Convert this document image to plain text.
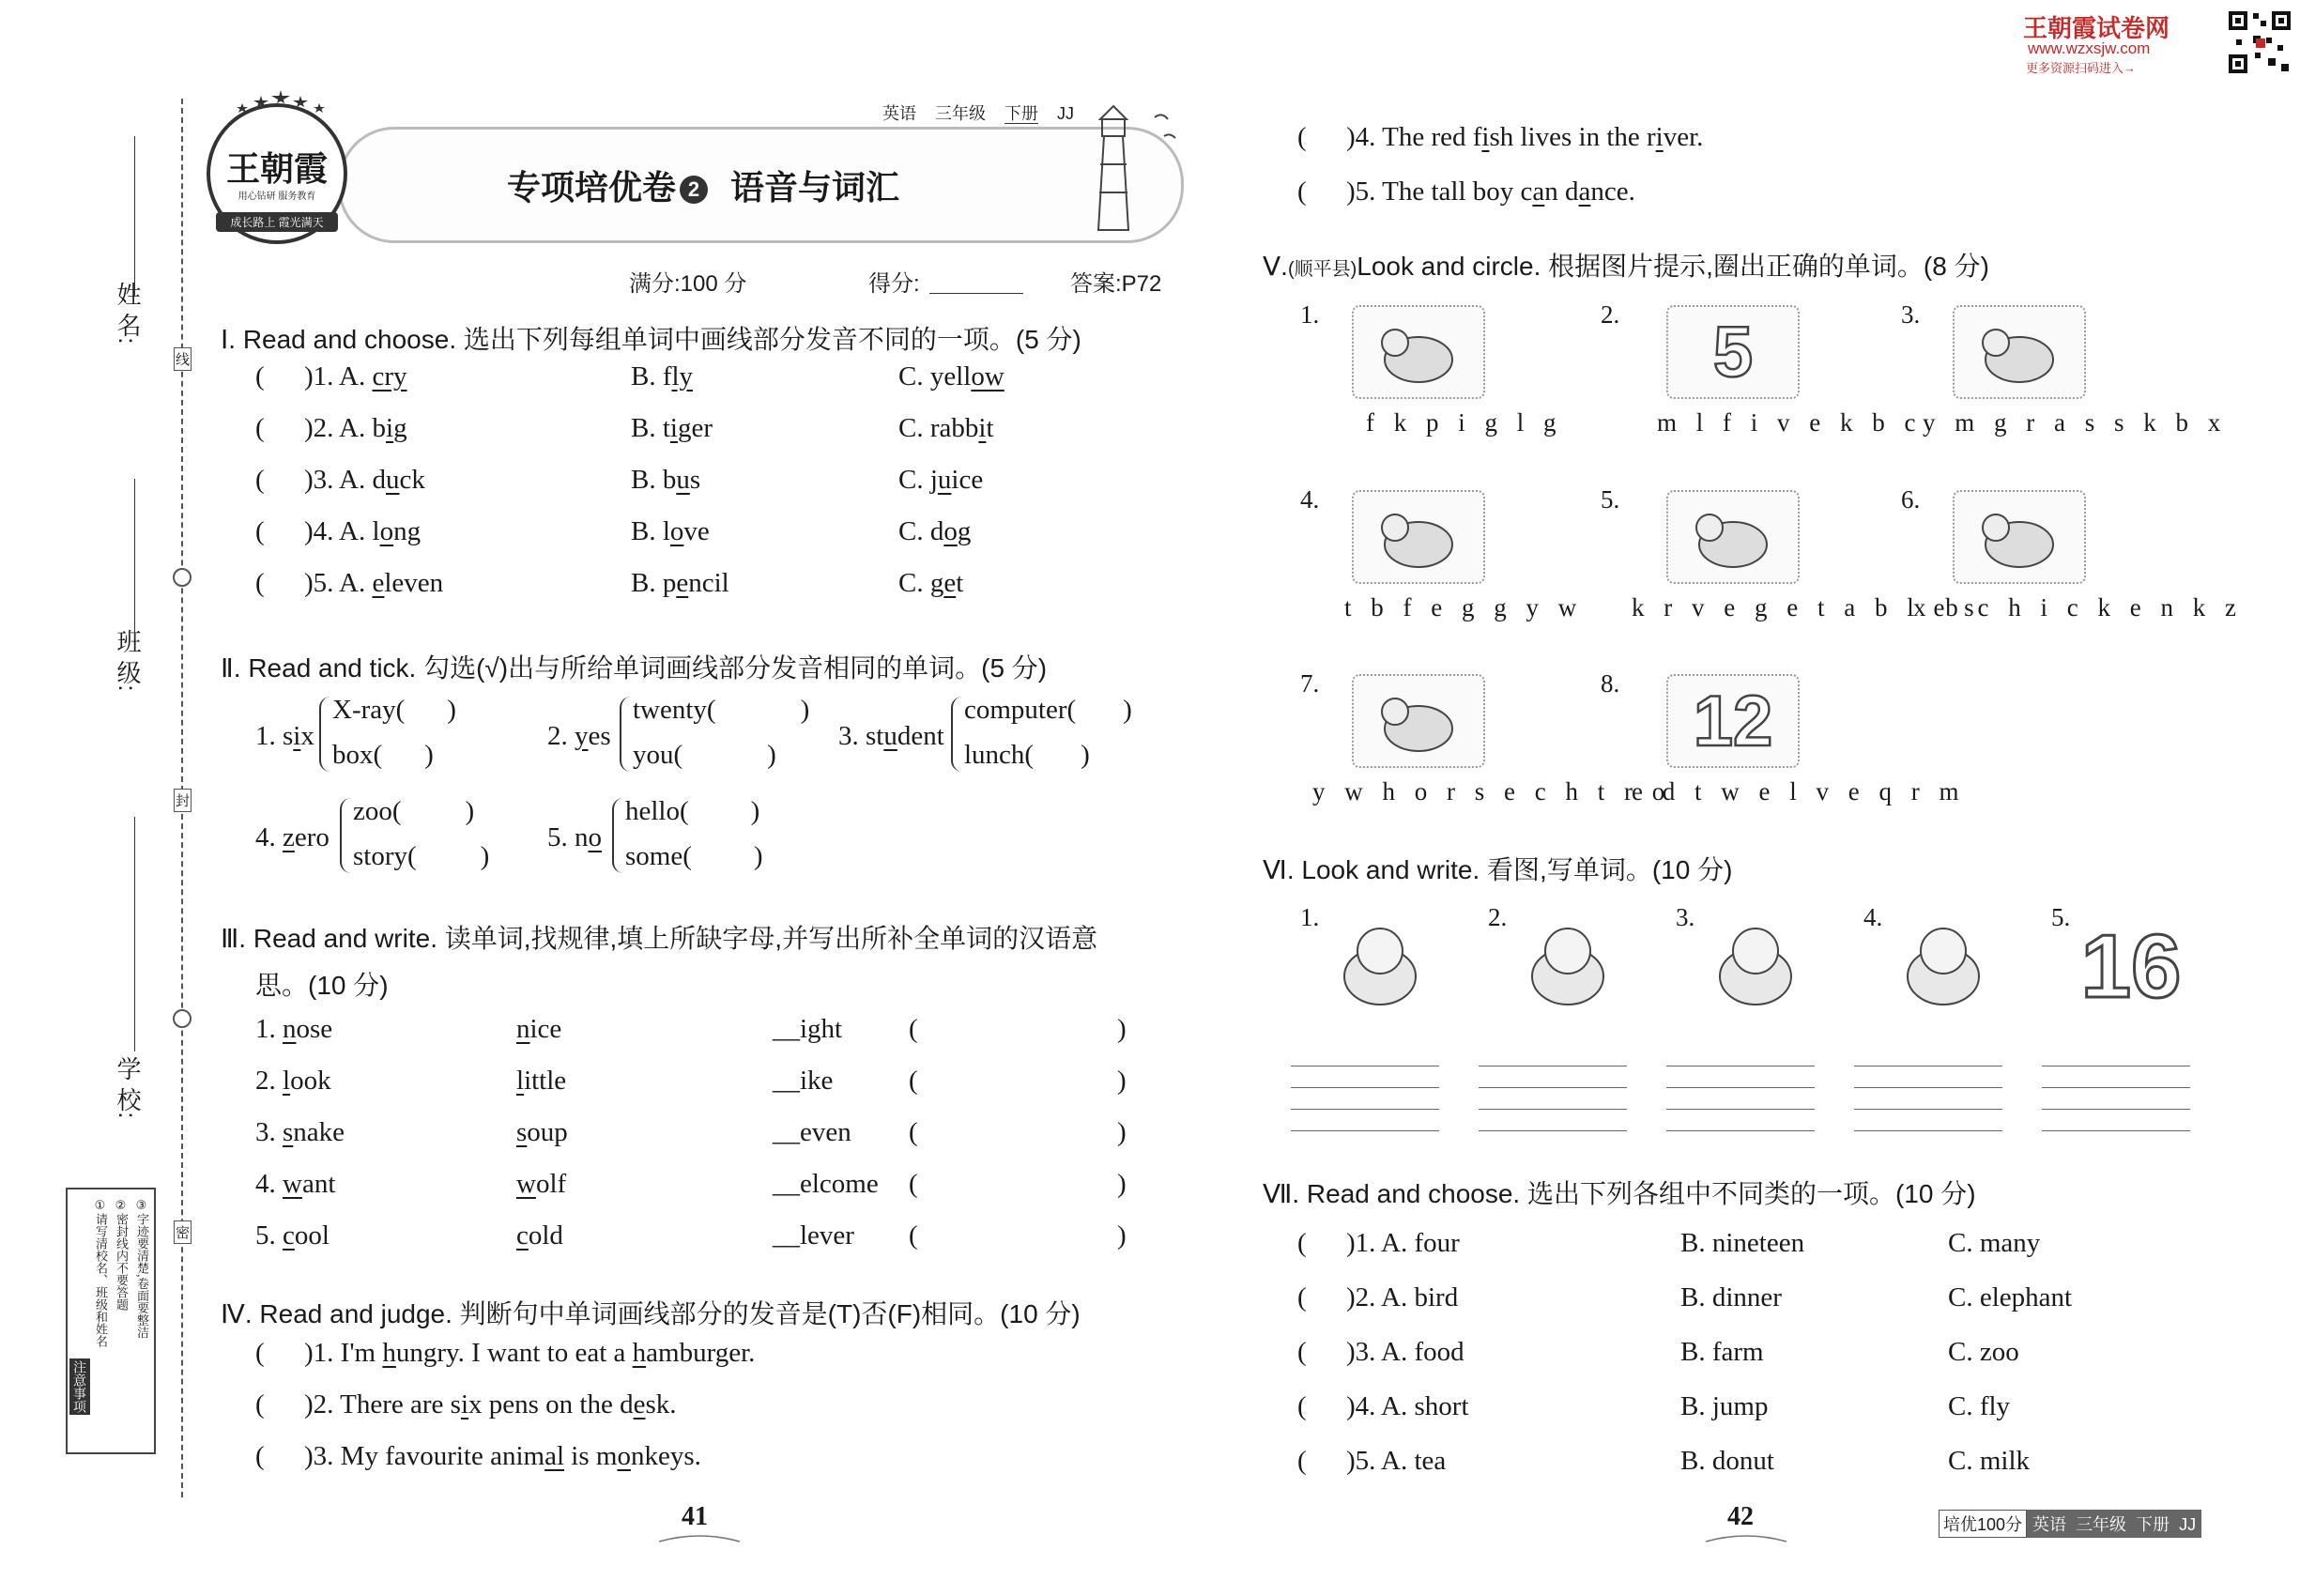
姓 名:
班 级:
学 校:
线
封
密
注意事项
①请写清校名、班级和姓名 ②密封线内不要答题 ③字迹要清楚,卷面要整洁
王朝霞
用心钻研 服务教育
成长路上 霞光满天
英语 三年级 下册 JJ
专项培优卷 2 语音与词汇
满分:100 分	得分:	答案:P72
Ⅰ. Read and choose. 选出下列每组单词中画线部分发音不同的一项。(5 分)
( )1. A. cry	B. fly	C. yellow
( )2. A. big	B. tiger	C. rabbit
( )3. A. duck	B. bus	C. juice
( )4. A. long	B. love	C. dog
( )5. A. eleven	B. pencil	C. get
Ⅱ. Read and tick. 勾选(√)出与所给单词画线部分发音相同的单词。(5 分)
1. six
X-ray( )
box( )
2. yes
twenty(	)
you(	)
3. student
computer( )
lunch( )
4. zero
zoo( )
story( )
5. no
hello( )
some( )
Ⅲ. Read and write. 读单词,找规律,填上所缺字母,并写出所补全单词的汉语意
思。(10 分)
1. nose	nice	__ight (	)
2. look	little	__ike	(	)
3. snake	soup	__even (	)
4. want	wolf	__elcome (	)
5. cool	cold	__lever (	)
Ⅳ. Read and judge. 判断句中单词画线部分的发音是(T)否(F)相同。(10 分)
( )1. I'm hungry. I want to eat a hamburger.
( )2. There are six pens on the desk.
( )3. My favourite animal is monkeys.
( )4. The red fish lives in the river.
( )5. The tall boy can dance.
Ⅴ.(顺平县)Look and circle. 根据图片提示,圈出正确的单词。(8 分)
1.
f k p i g l g
2. 5
m l f i v e k b c
3.
y m g r a s s k b x
4.
t b f e g g y w
5.
k r v e g e t a b l e s
6.
x b c h i c k e n k z
7.
y w h o r s e c h t r o
8. 12
e d t w e l v e q r m
Ⅵ. Look and write. 看图,写单词。(10 分)
1.	2.	3.	4.	5. 16
Ⅶ. Read and choose. 选出下列各组中不同类的一项。(10 分)
( )1. A. four	B. nineteen	C. many
( )2. A. bird	B. dinner	C. elephant
( )3. A. food	B. farm	C. zoo
( )4. A. short	B. jump	C. fly
( )5. A. tea	B. donut	C. milk
王朝霞试卷网
www.wzxsjw.com
更多资源扫码进入→
41	42	培优100分 英语 三年级 下册 JJ
